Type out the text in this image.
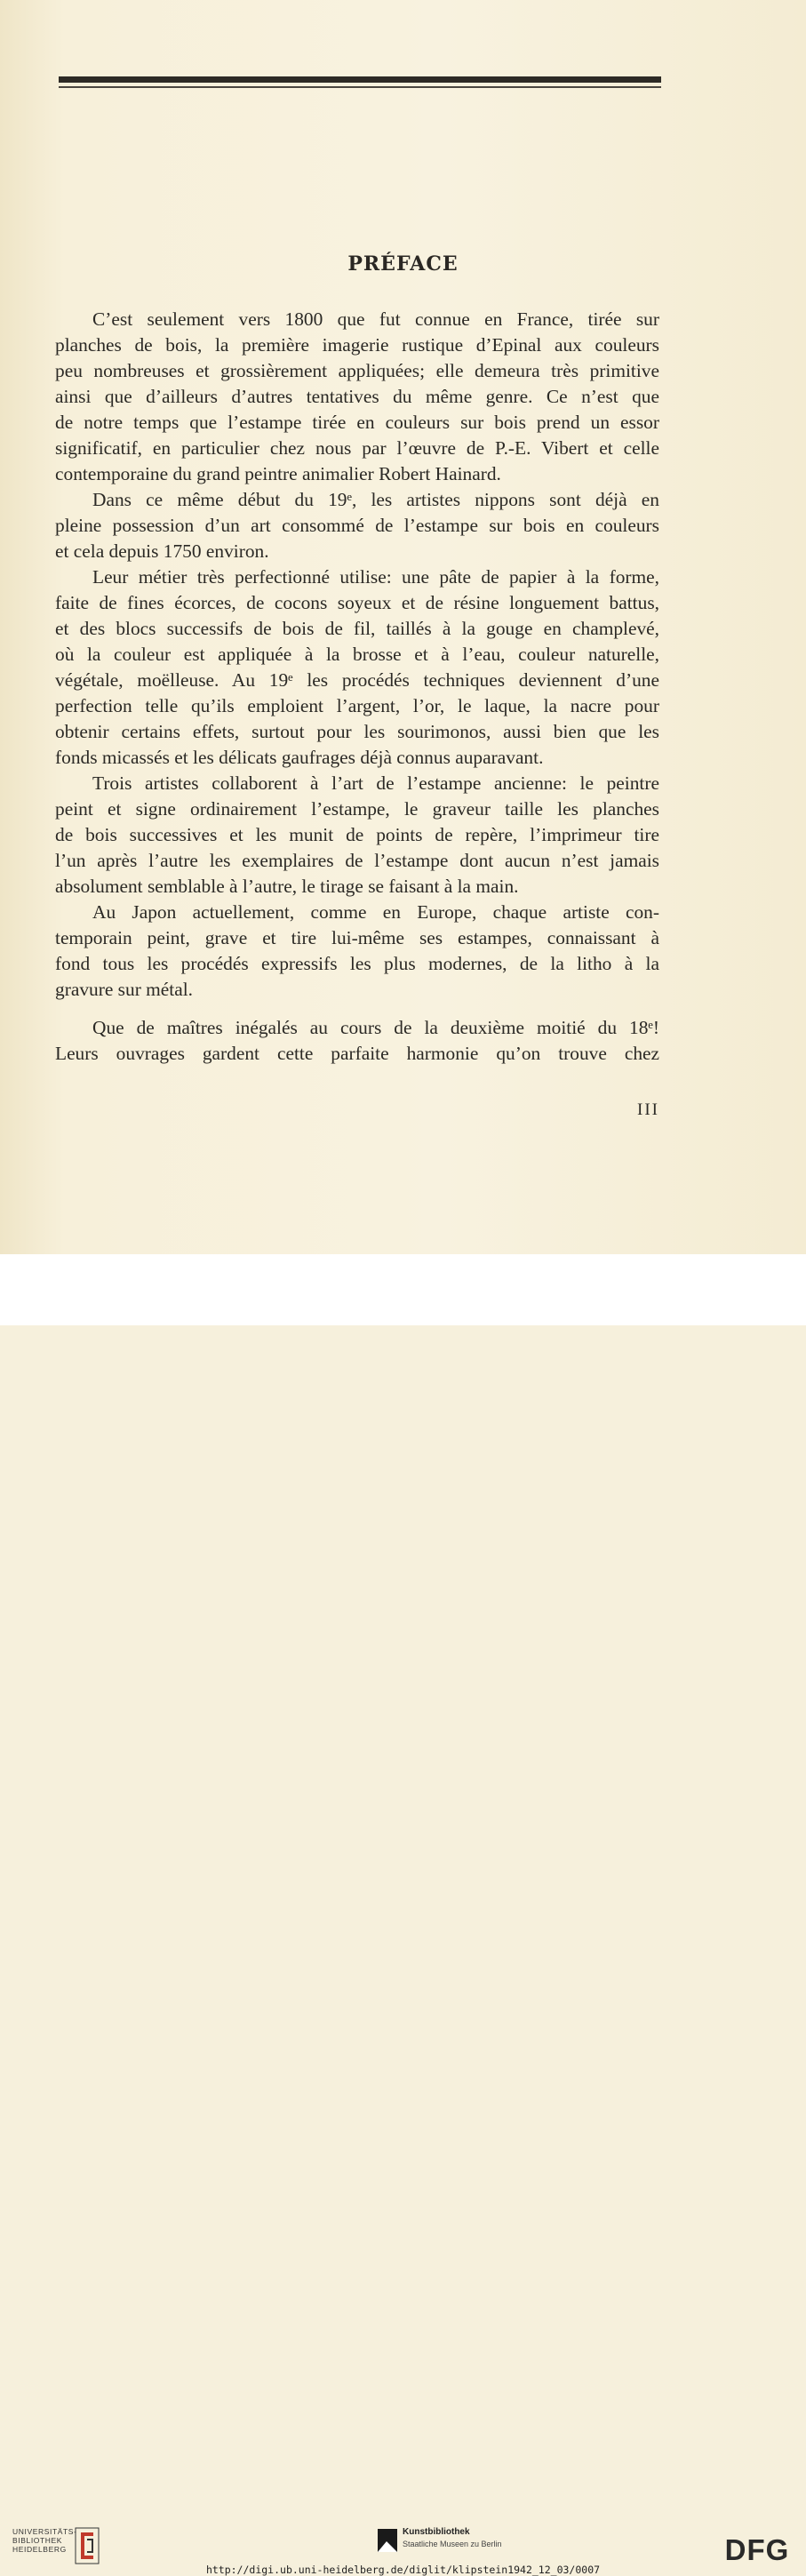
PRÉFACE
C’est seulement vers 1800 que fut connue en France, tirée sur
planches de bois, la première imagerie rustique d’Epinal aux couleurs
peu nombreuses et grossièrement appliquées; elle demeura très primitive
ainsi que d’ailleurs d’autres tentatives du même genre. Ce n’est que
de notre temps que l’estampe tirée en couleurs sur bois prend un essor
significatif, en particulier chez nous par l’œuvre de P.-E. Vibert et celle
contemporaine du grand peintre animalier Robert Hainard.
Dans ce même début du 19ᵉ, les artistes nippons sont déjà en
pleine possession d’un art consommé de l’estampe sur bois en couleurs
et cela depuis 1750 environ.
Leur métier très perfectionné utilise: une pâte de papier à la forme,
faite de fines écorces, de cocons soyeux et de résine longuement battus,
et des blocs successifs de bois de fil, taillés à la gouge en champlevé,
où la couleur est appliquée à la brosse et à l’eau, couleur naturelle,
végétale, moëlleuse. Au 19ᵉ les procédés techniques deviennent d’une
perfection telle qu’ils emploient l’argent, l’or, le laque, la nacre pour
obtenir certains effets, surtout pour les sourimonos, aussi bien que les
fonds micassés et les délicats gaufrages déjà connus auparavant.
Trois artistes collaborent à l’art de l’estampe ancienne: le peintre
peint et signe ordinairement l’estampe, le graveur taille les planches
de bois successives et les munit de points de repère, l’imprimeur tire
l’un après l’autre les exemplaires de l’estampe dont aucun n’est jamais
absolument semblable à l’autre, le tirage se faisant à la main.
Au Japon actuellement, comme en Europe, chaque artiste con-
temporain peint, grave et tire lui-même ses estampes, connaissant à
fond tous les procédés expressifs les plus modernes, de la litho à la
gravure sur métal.
Que de maîtres inégalés au cours de la deuxième moitié du 18ᵉ!
Leurs ouvrages gardent cette parfaite harmonie qu’on trouve chez
III
UNIVERSITÄTS-
BIBLIOTHEK
HEIDELBERG
Kunstbibliothek
Staatliche Museen zu Berlin
http://digi.ub.uni-heidelberg.de/diglit/klipstein1942_12_03/0007
DFG
